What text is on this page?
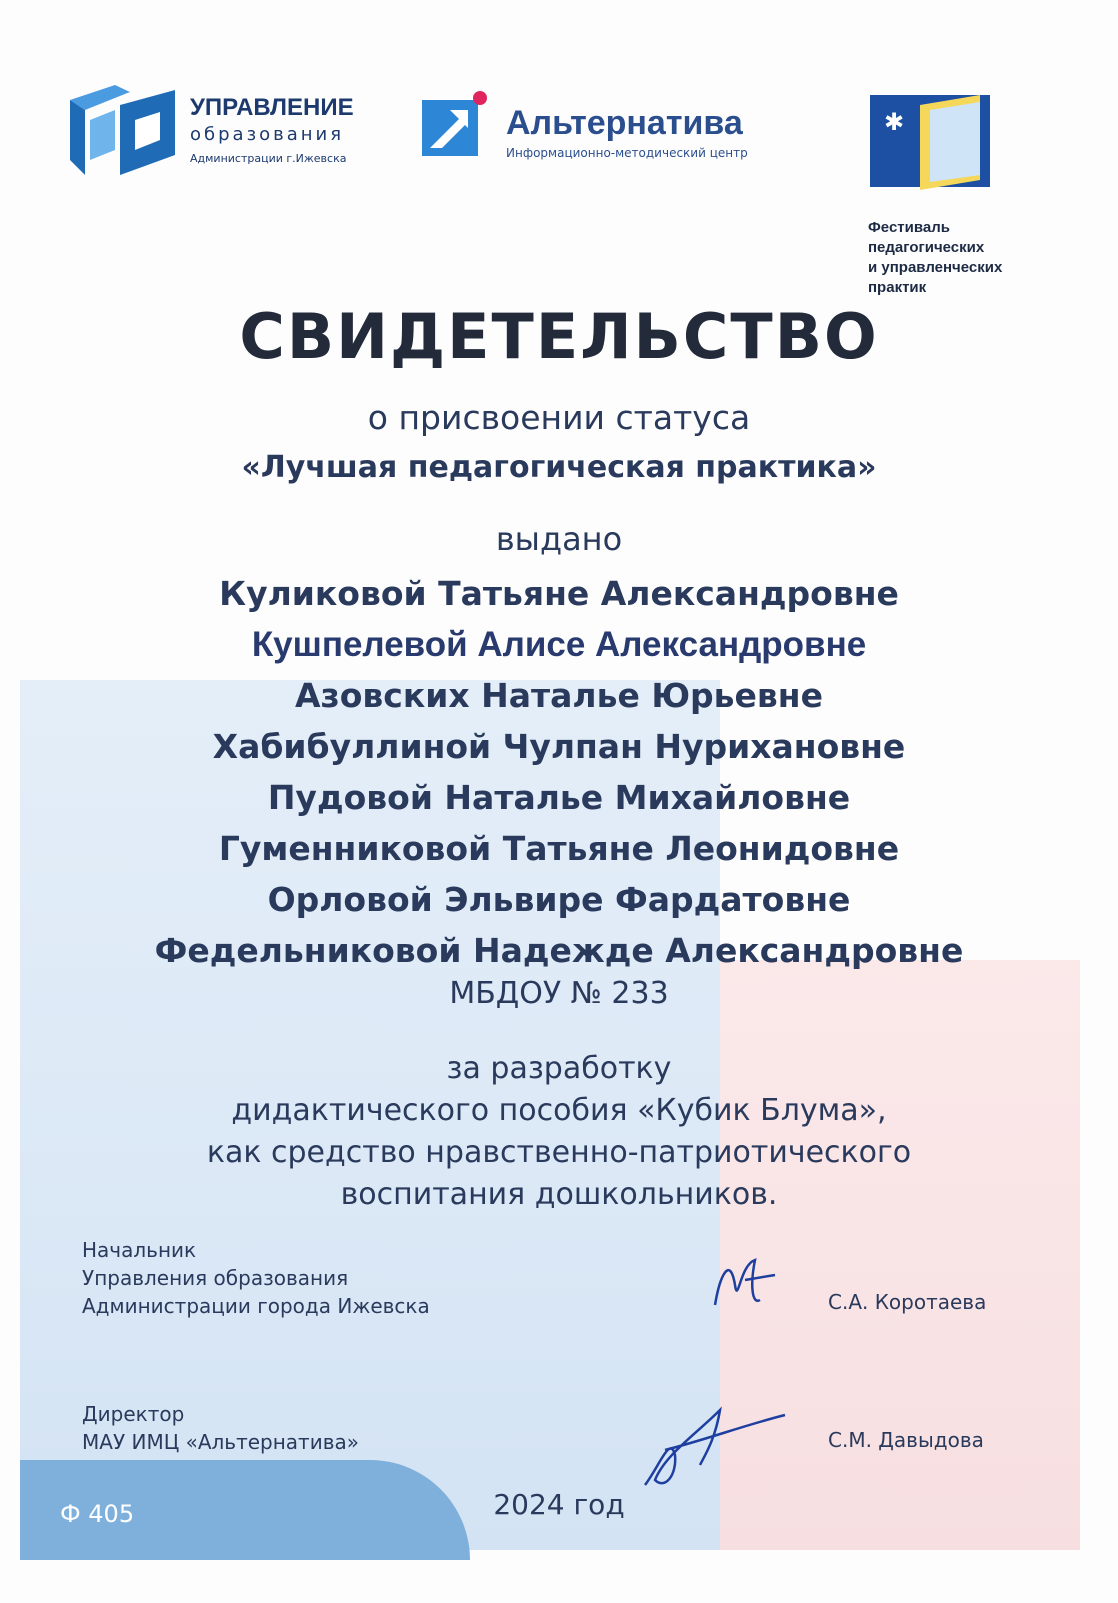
УПРАВЛЕНИЕ
образования
Администрации г.Ижевска
Альтернатива
Информационно-методический центр
✱
Фестиваль
педагогических
и управленческих
практик
СВИДЕТЕЛЬСТВО
о присвоении статуса
«Лучшая педагогическая практика»
выдано
Куликовой Татьяне Александровне
Кушпелевой Алисе Александровне
Азовских Наталье Юрьевне
Хабибуллиной Чулпан Нурихановне
Пудовой Наталье Михайловне
Гуменниковой Татьяне Леонидовне
Орловой Эльвире Фардатовне
Федельниковой Надежде Александровне
МБДОУ № 233
за разработку
дидактического пособия «Кубик Блума»,
как средство нравственно-патриотического
воспитания дошкольников.
Начальник
Управления образования
Администрации города Ижевска	С.А. Коротаева
Директор
МАУ ИМЦ «Альтернатива»	С.М. Давыдова
2024 год
Ф 405
